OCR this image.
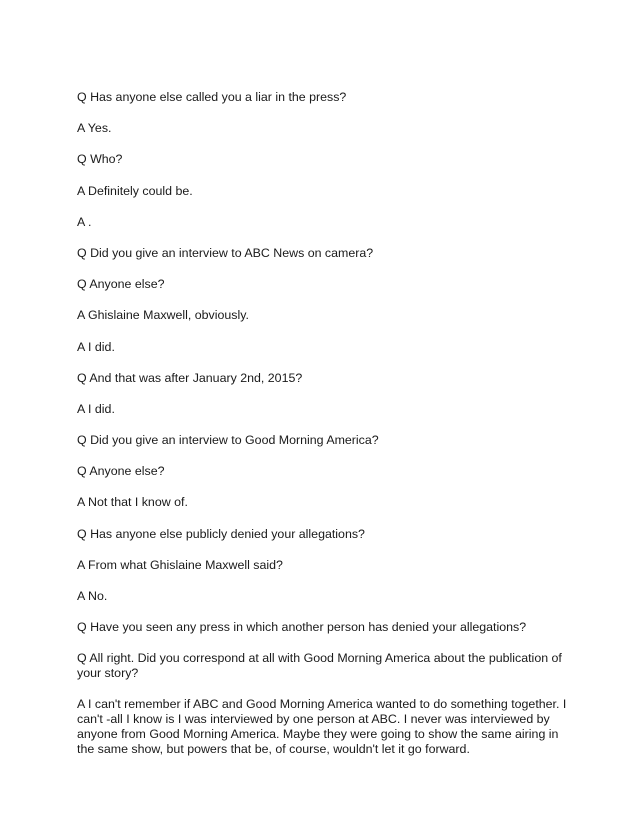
Q Has anyone else called you a liar in the press?

A Yes.

Q Who?

A Definitely could be.

A .

Q Did you give an interview to ABC News on camera?

Q Anyone else?

A Ghislaine Maxwell, obviously.

A I did.

Q And that was after January 2nd, 2015?

A I did.

Q Did you give an interview to Good Morning America?

Q Anyone else?

A Not that I know of.

Q Has anyone else publicly denied your allegations?

A From what Ghislaine Maxwell said?

A No.

Q Have you seen any press in which another person has denied your allegations?

Q All right. Did you correspond at all with Good Morning America about the publication of your story?

A I can't remember if ABC and Good Morning America wanted to do something together. I can't -all I know is I was interviewed by one person at ABC. I never was interviewed by anyone from Good Morning America. Maybe they were going to show the same airing in the same show, but powers that be, of course, wouldn't let it go forward.
